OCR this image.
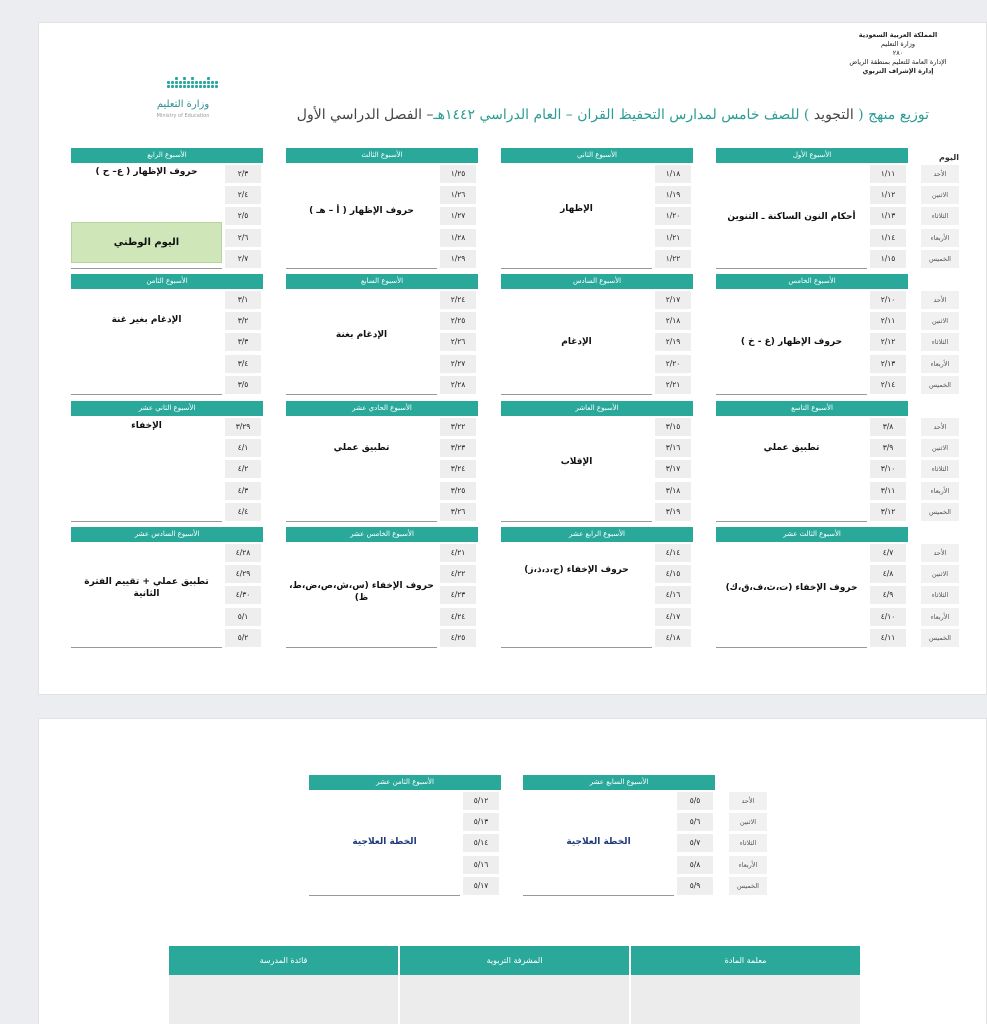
المملكة العربية السعودية
وزارة التعليم
٢٨٠
الإدارة العامة للتعليم بمنطقة الرياض
إدارة الإشراف التربوي
وزارة التعليم
Ministry of Education	توزيع منهج ( التجويد ) للصف خامس لمدارس التحفيظ القران – العام الدراسي ١٤٤٢هـ– الفصل الدراسي الأول
اليوم
الأسبوع الأول
أحكام النون الساكنة ـ التنوين
١/١١
١/١٢
١/١٣
١/١٤
١/١٥
الأسبوع الثاني
الإظهار
١/١٨
١/١٩
١/٢٠
١/٢١
١/٢٢
الأسبوع الثالث
حروف الإظهار ( أ – هـ )
١/٢٥
١/٢٦
١/٢٧
١/٢٨
١/٢٩
الأسبوع الرابع
حروف الإظهار ( ع– ح )
اليوم الوطني
٢/٣
٢/٤
٢/٥
٢/٦
٢/٧
الأسبوع الخامس
حروف الإظهار (غ - خ )
٢/١٠
٢/١١
٢/١٢
٢/١٣
٢/١٤
الأسبوع السادس
الإدغام
٢/١٧
٢/١٨
٢/١٩
٢/٢٠
٢/٢١
الأسبوع السابع
الإدغام بغنة
٢/٢٤
٢/٢٥
٢/٢٦
٢/٢٧
٢/٢٨
الأسبوع الثامن
الإدغام بغير غنة
٣/١
٣/٢
٣/٣
٣/٤
٣/٥
الأسبوع التاسع
تطبيق عملي
٣/٨
٣/٩
٣/١٠
٣/١١
٣/١٢
الأسبوع العاشر
الإقلاب
٣/١٥
٣/١٦
٣/١٧
٣/١٨
٣/١٩
الأسبوع الحادي عشر
تطبيق عملي
٣/٢٢
٣/٢٣
٣/٢٤
٣/٢٥
٣/٢٦
الأسبوع الثاني عشر
الإخفاء	٣/٢٩
٤/١
٤/٢
٤/٣
٤/٤
الأسبوع الثالث عشر
حروف الإخفاء (ت،ث،ف،ق،ك)
٤/٧
٤/٨
٤/٩
٤/١٠
٤/١١
الأسبوع الرابع عشر
حروف الإخفاء (ج،د،ذ،ز)
٤/١٤
٤/١٥
٤/١٦
٤/١٧
٤/١٨
الأسبوع الخامس عشر
حروف الإخفاء (س،ش،ص،ض،ط، ظ)
٤/٢١
٤/٢٢
٤/٢٣
٤/٢٤
٤/٢٥
الأسبوع السادس عشر
تطبيق عملي + تقييم الفترة الثانية
٤/٢٨
٤/٢٩
٤/٣٠
٥/١
٥/٢
الأحد
الاثنين
الثلاثاء
الأربعاء
الخميس
الأحد
الاثنين
الثلاثاء
الأربعاء
الخميس
الأحد
الاثنين
الثلاثاء
الأربعاء
الخميس
الأحد
الاثنين
الثلاثاء
الأربعاء
الخميس
الأسبوع السابع عشر
الخطة العلاجية
٥/٥
٥/٦
٥/٧
٥/٨
٥/٩
الأسبوع الثامن عشر
الخطة العلاجية
٥/١٢
٥/١٣
٥/١٤
٥/١٦
٥/١٧
الأحد
الاثنين
الثلاثاء
الأربعاء
الخميس
معلمة المادة
المشرفة التربوية
قائدة المدرسة
